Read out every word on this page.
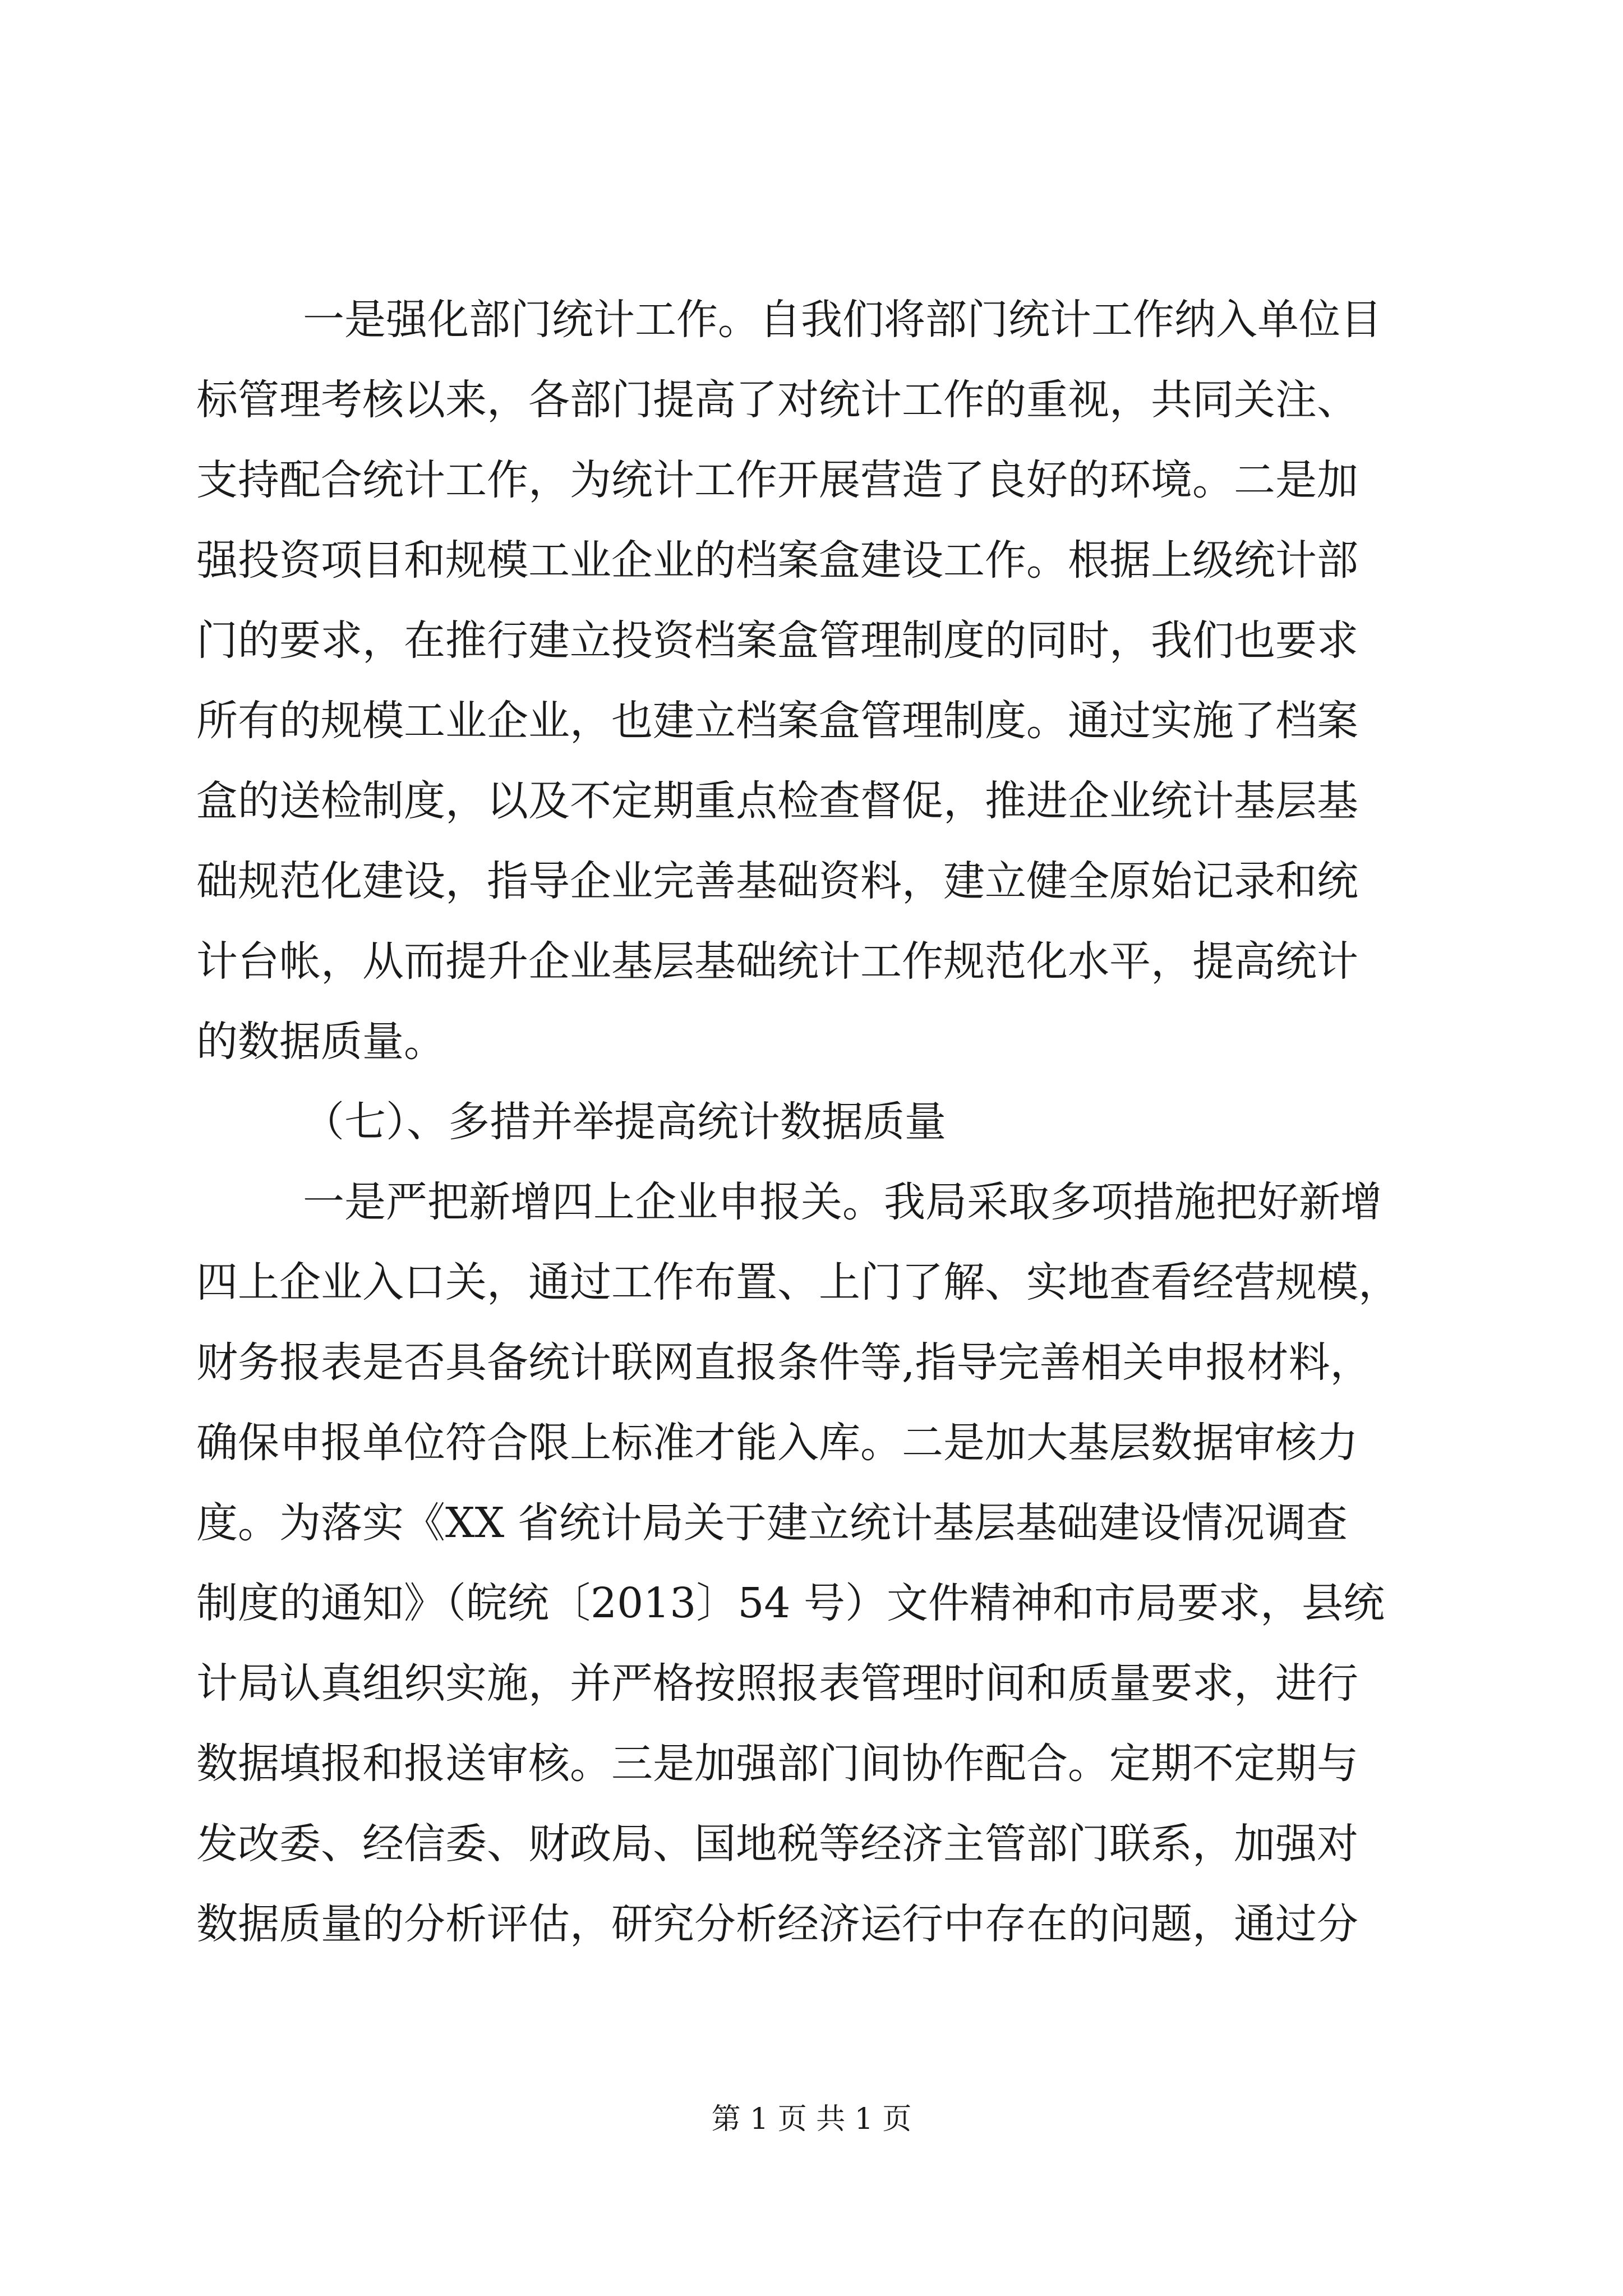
一是强化部门统计工作。自我们将部门统计工作纳入单位目
标管理考核以来，各部门提高了对统计工作的重视，共同关注、
支持配合统计工作，为统计工作开展营造了良好的环境。二是加
强投资项目和规模工业企业的档案盒建设工作。根据上级统计部
门的要求，在推行建立投资档案盒管理制度的同时，我们也要求
所有的规模工业企业，也建立档案盒管理制度。通过实施了档案
盒的送检制度，以及不定期重点检查督促，推进企业统计基层基
础规范化建设，指导企业完善基础资料，建立健全原始记录和统
计台帐，从而提升企业基层基础统计工作规范化水平，提高统计
的数据质量。
（七）、多措并举提高统计数据质量
一是严把新增四上企业申报关。我局采取多项措施把好新增
四上企业入口关，通过工作布置、上门了解、实地查看经营规模，
财务报表是否具备统计联网直报条件等,指导完善相关申报材料，
确保申报单位符合限上标准才能入库。二是加大基层数据审核力
度。为落实《XX 省统计局关于建立统计基层基础建设情况调查
制度的通知》（皖统〔2013〕54 号）文件精神和市局要求，县统
计局认真组织实施，并严格按照报表管理时间和质量要求，进行
数据填报和报送审核。三是加强部门间协作配合。定期不定期与
发改委、经信委、财政局、国地税等经济主管部门联系，加强对
数据质量的分析评估，研究分析经济运行中存在的问题，通过分
第 1 页 共 1 页
